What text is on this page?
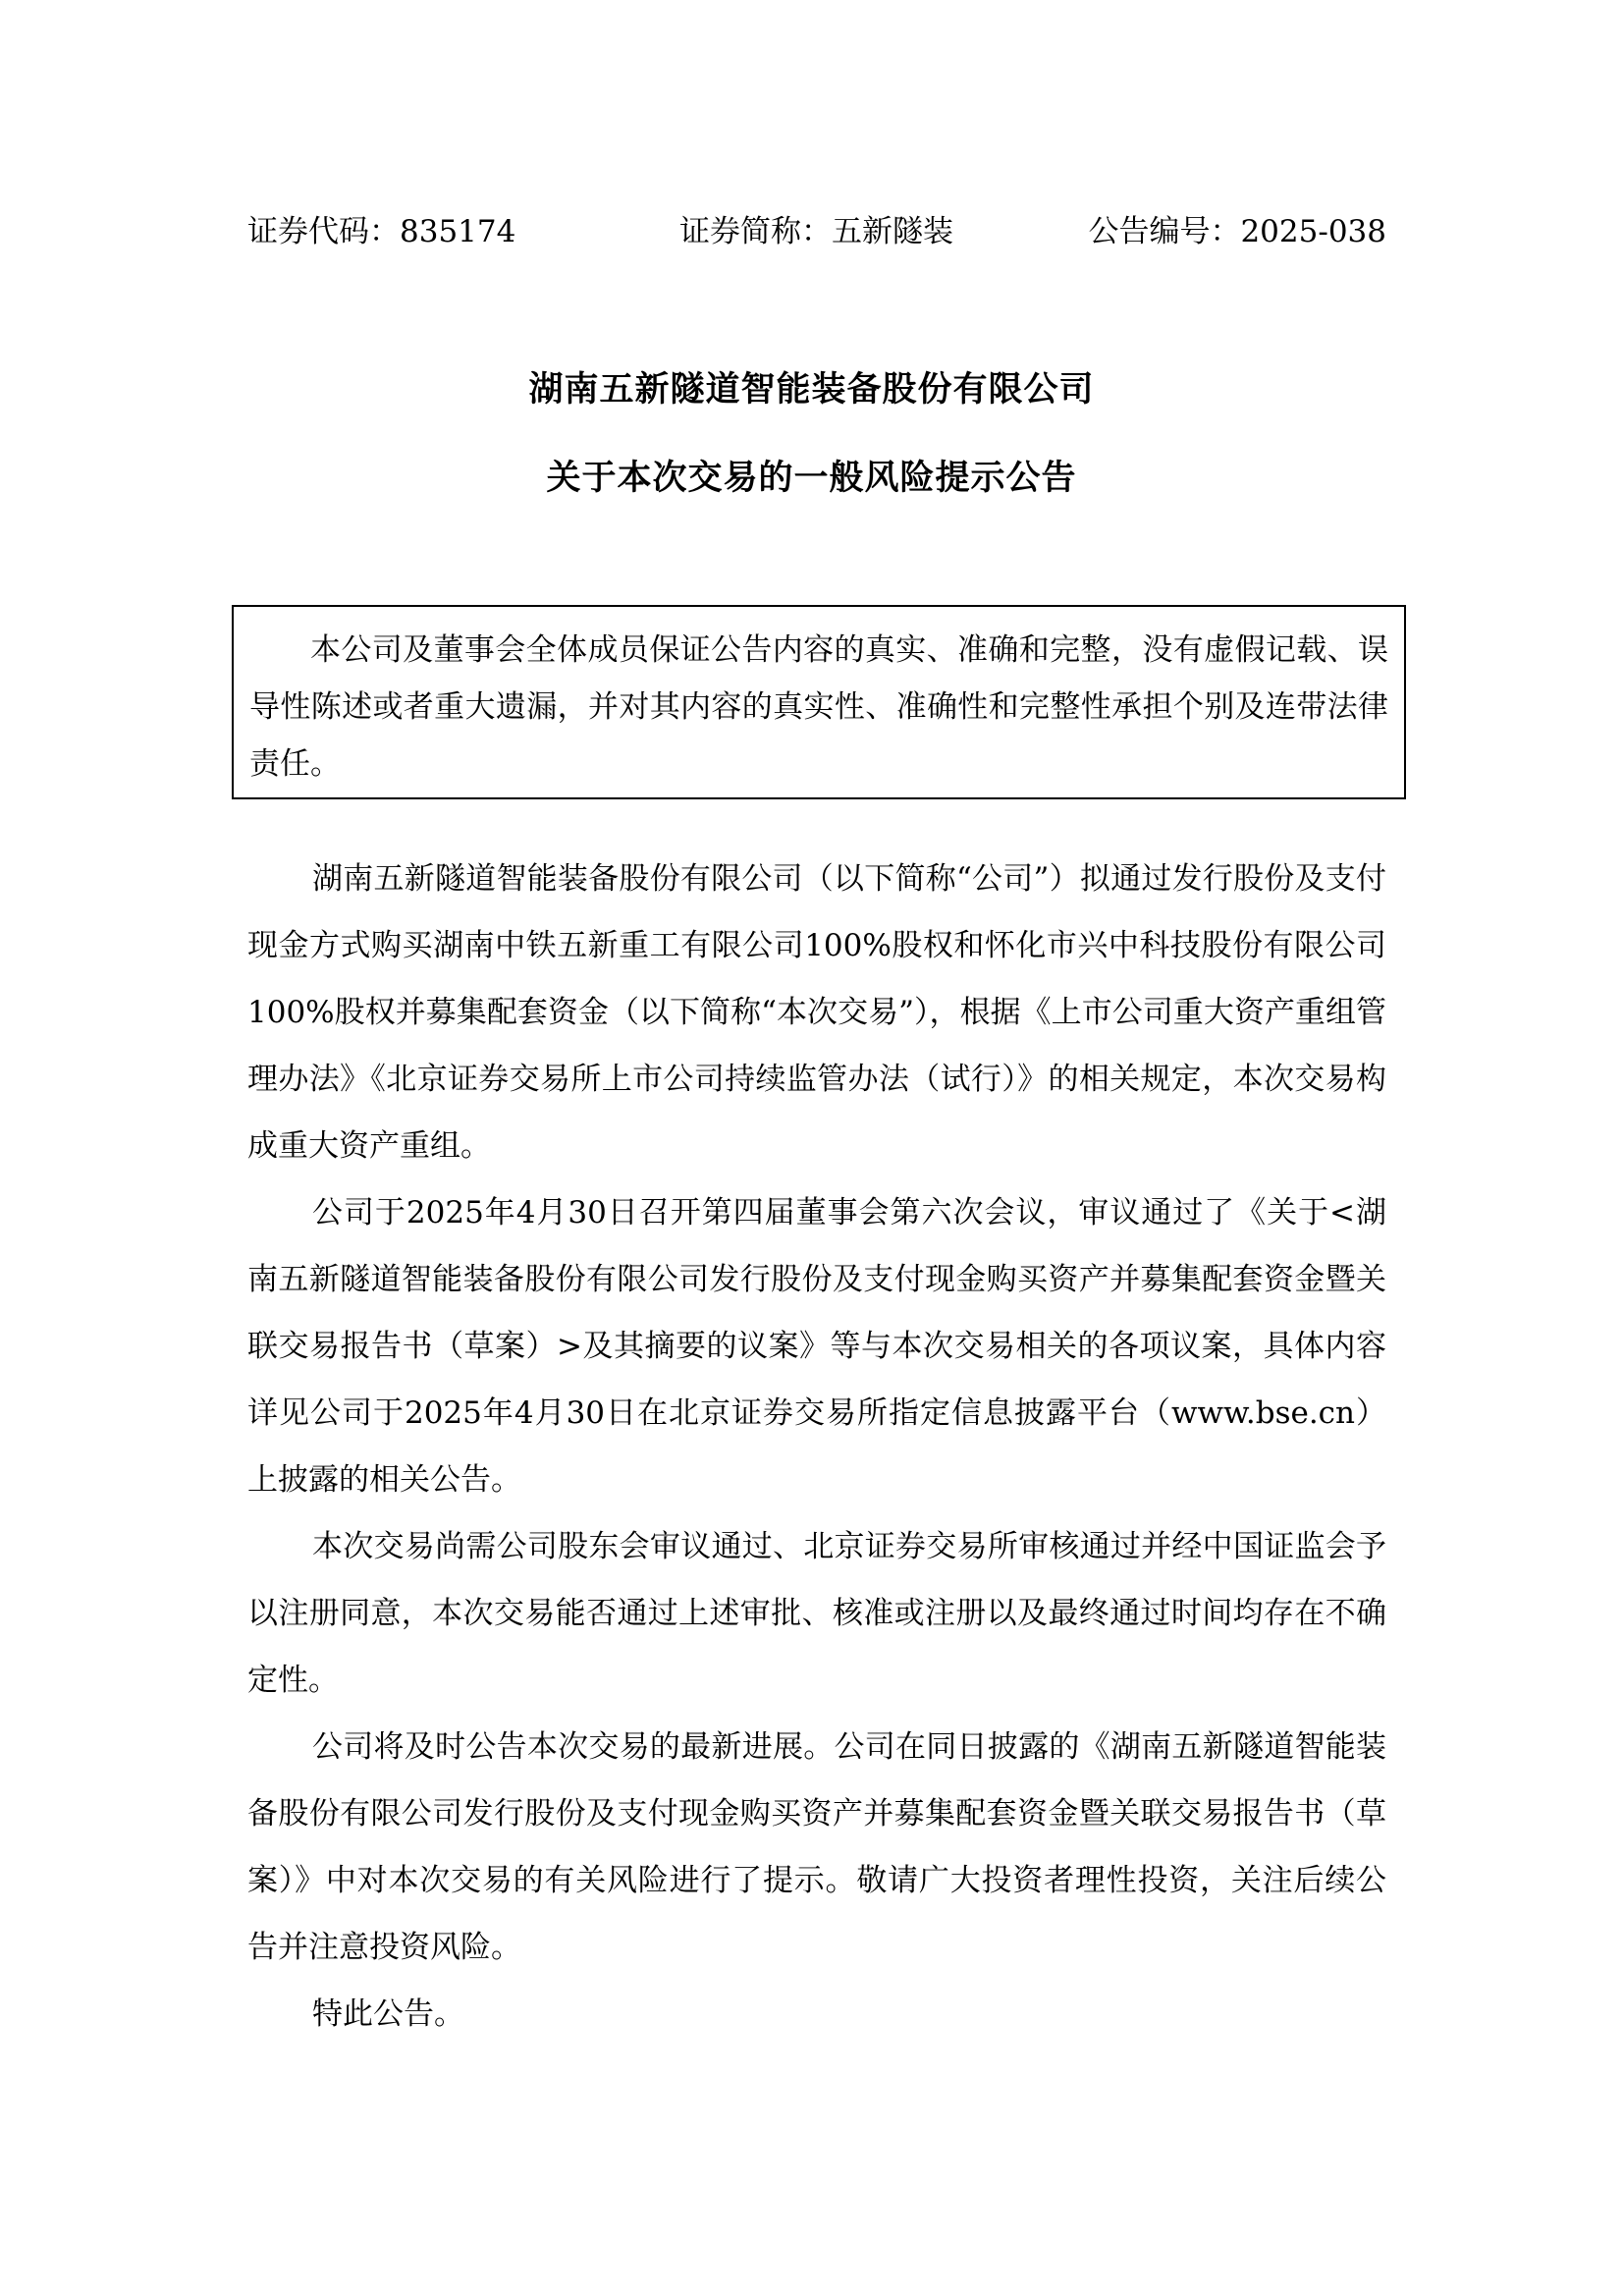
证券代码：835174	证券简称：五新隧装	公告编号：2025-038
湖南五新隧道智能装备股份有限公司
关于本次交易的一般风险提示公告

本公司及董事会全体成员保证公告内容的真实、准确和完整，没有虚假记载、误导性陈述或者重大遗漏，并对其内容的真实性、准确性和完整性承担个别及连带法律责任。

湖南五新隧道智能装备股份有限公司（以下简称“公司”）拟通过发行股份及支付现金方式购买湖南中铁五新重工有限公司100%股权和怀化市兴中科技股份有限公司100%股权并募集配套资金（以下简称“本次交易”），根据《上市公司重大资产重组管理办法》《北京证券交易所上市公司持续监管办法（试行）》的相关规定，本次交易构成重大资产重组。

公司于2025年4月30日召开第四届董事会第六次会议，审议通过了《关于<湖南五新隧道智能装备股份有限公司发行股份及支付现金购买资产并募集配套资金暨关联交易报告书（草案）>及其摘要的议案》等与本次交易相关的各项议案，具体内容详见公司于2025年4月30日在北京证券交易所指定信息披露平台（www.bse.cn）上披露的相关公告。

本次交易尚需公司股东会审议通过、北京证券交易所审核通过并经中国证监会予以注册同意，本次交易能否通过上述审批、核准或注册以及最终通过时间均存在不确定性。

公司将及时公告本次交易的最新进展。公司在同日披露的《湖南五新隧道智能装备股份有限公司发行股份及支付现金购买资产并募集配套资金暨关联交易报告书（草案）》中对本次交易的有关风险进行了提示。敬请广大投资者理性投资，关注后续公告并注意投资风险。

特此公告。
